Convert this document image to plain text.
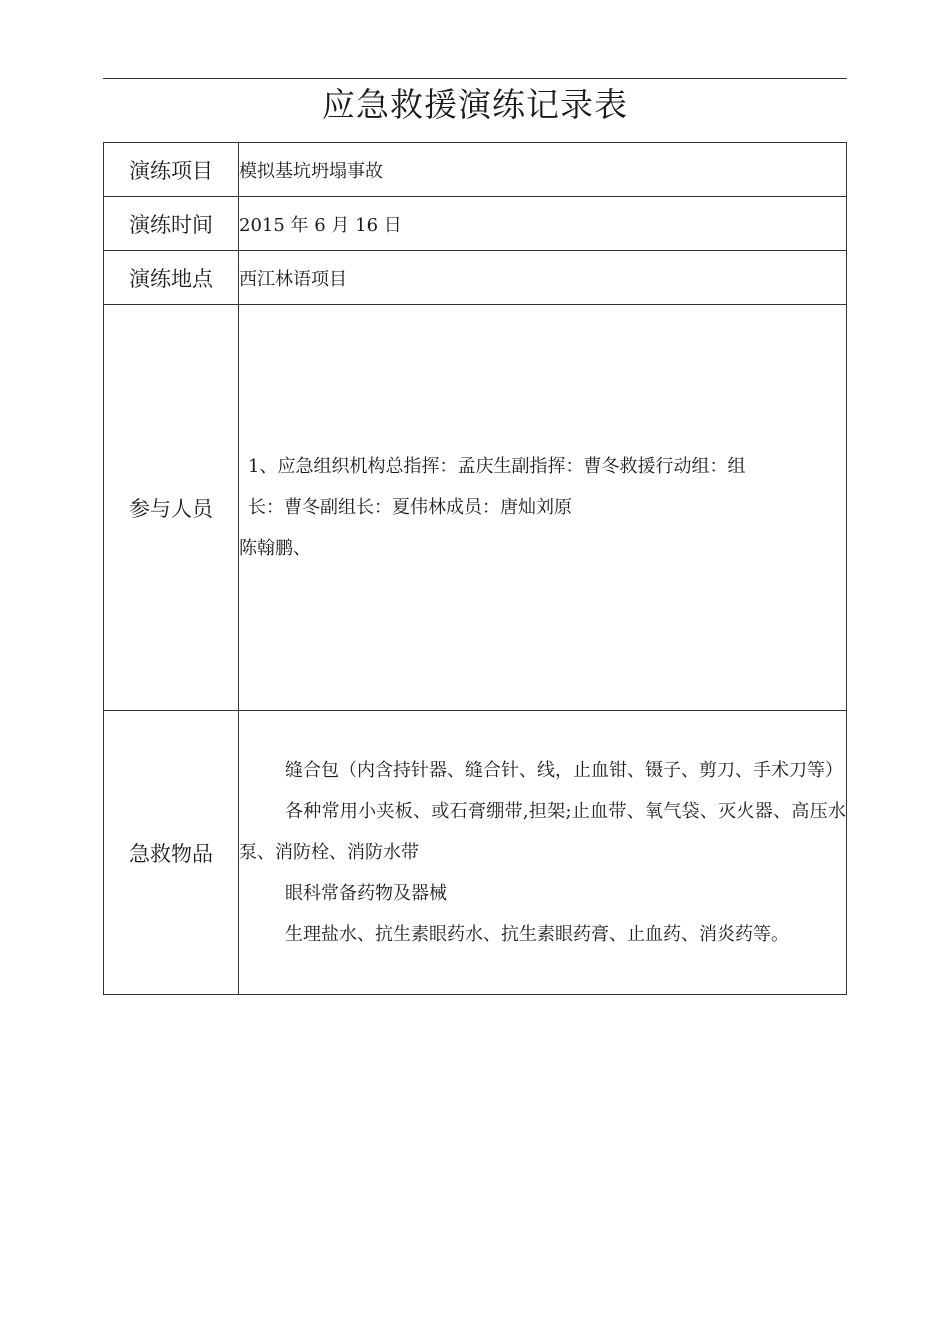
应急救援演练记录表
演练项目	模拟基坑坍塌事故
演练时间	2015 年 6 月 16 日
演练地点	西江林语项目
参与人员	1、应急组织机构总指挥：孟庆生副指挥：曹冬救援行动组：组
长：曹冬副组长：夏伟林成员：唐灿刘原
陈翰鹏、

急救物品	缝合包（内含持针器、缝合针、线，止血钳、镊子、剪刀、手术刀等）

各种常用小夹板、或石膏绷带,担架;止血带、氧气袋、灭火器、高压水泵、消防栓、消防水带

眼科常备药物及器械

生理盐水、抗生素眼药水、抗生素眼药膏、止血药、消炎药等。
